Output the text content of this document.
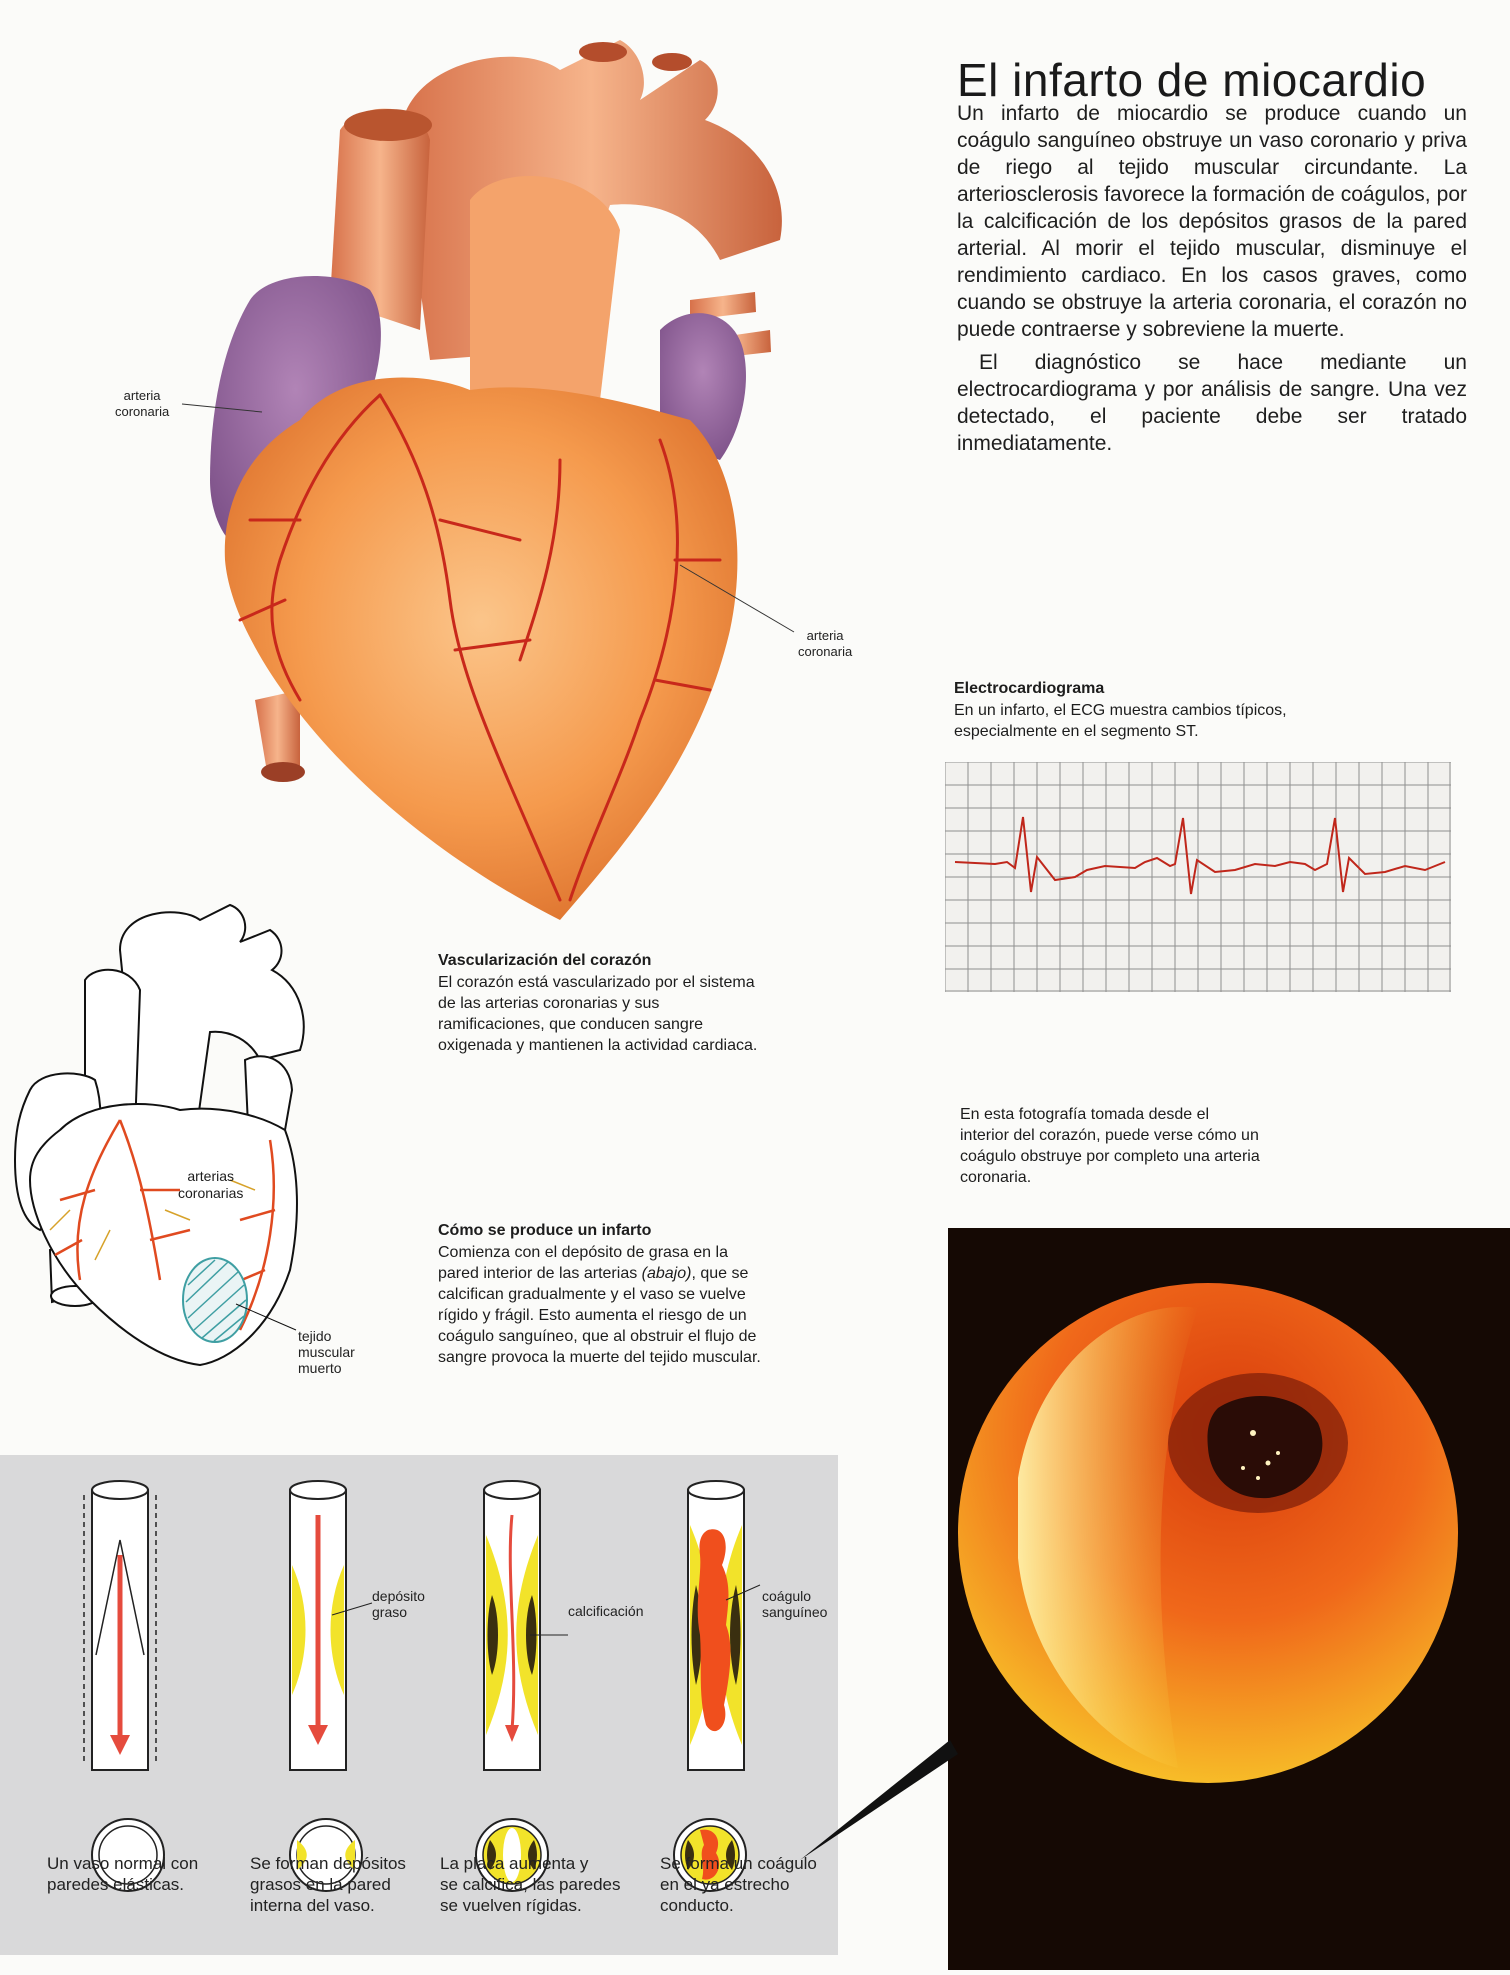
El infarto de miocardio

Un infarto de miocardio se produce cuando un coágulo sanguíneo obstruye un vaso coronario y priva de riego al tejido muscular circundante. La arteriosclerosis favorece la formación de coágulos, por la calcificación de los depósitos grasos de la pared arterial. Al morir el tejido muscular, disminuye el rendimiento cardiaco. En los casos graves, como cuando se obstruye la arteria coronaria, el corazón no puede contraerse y sobreviene la muerte.

El diagnóstico se hace mediante un electrocardiograma y por análisis de sangre. Una vez detectado, el paciente debe ser tratado inmediatamente.

arteria
coronaria
arteria
coronaria
Electrocardiograma
En un infarto, el ECG muestra cambios típicos, especialmente en el segmento ST.
arterias
coronarias
tejido
muscular
muerto
Vascularización del corazón
El corazón está vascularizado por el sistema de las arterias coronarias y sus ramificaciones, que conducen sangre oxigenada y mantienen la actividad cardiaca.
Cómo se produce un infarto
Comienza con el depósito de grasa en la pared interior de las arterias (abajo), que se calcifican gradualmente y el vaso se vuelve rígido y frágil. Esto aumenta el riesgo de un coágulo sanguíneo, que al obstruir el flujo de sangre provoca la muerte del tejido muscular.
En esta fotografía tomada desde el interior del corazón, puede verse cómo un coágulo obstruye por completo una arteria coronaria.
depósito
graso	calcificación
coágulo
sanguíneo
Un vaso normal con
paredes elásticas.
Se forman depósitos
grasos en la pared
interna del vaso.
La placa aumenta y
se calcifica, las paredes
se vuelven rígidas.
Se forma un coágulo
en el ya estrecho
conducto.
